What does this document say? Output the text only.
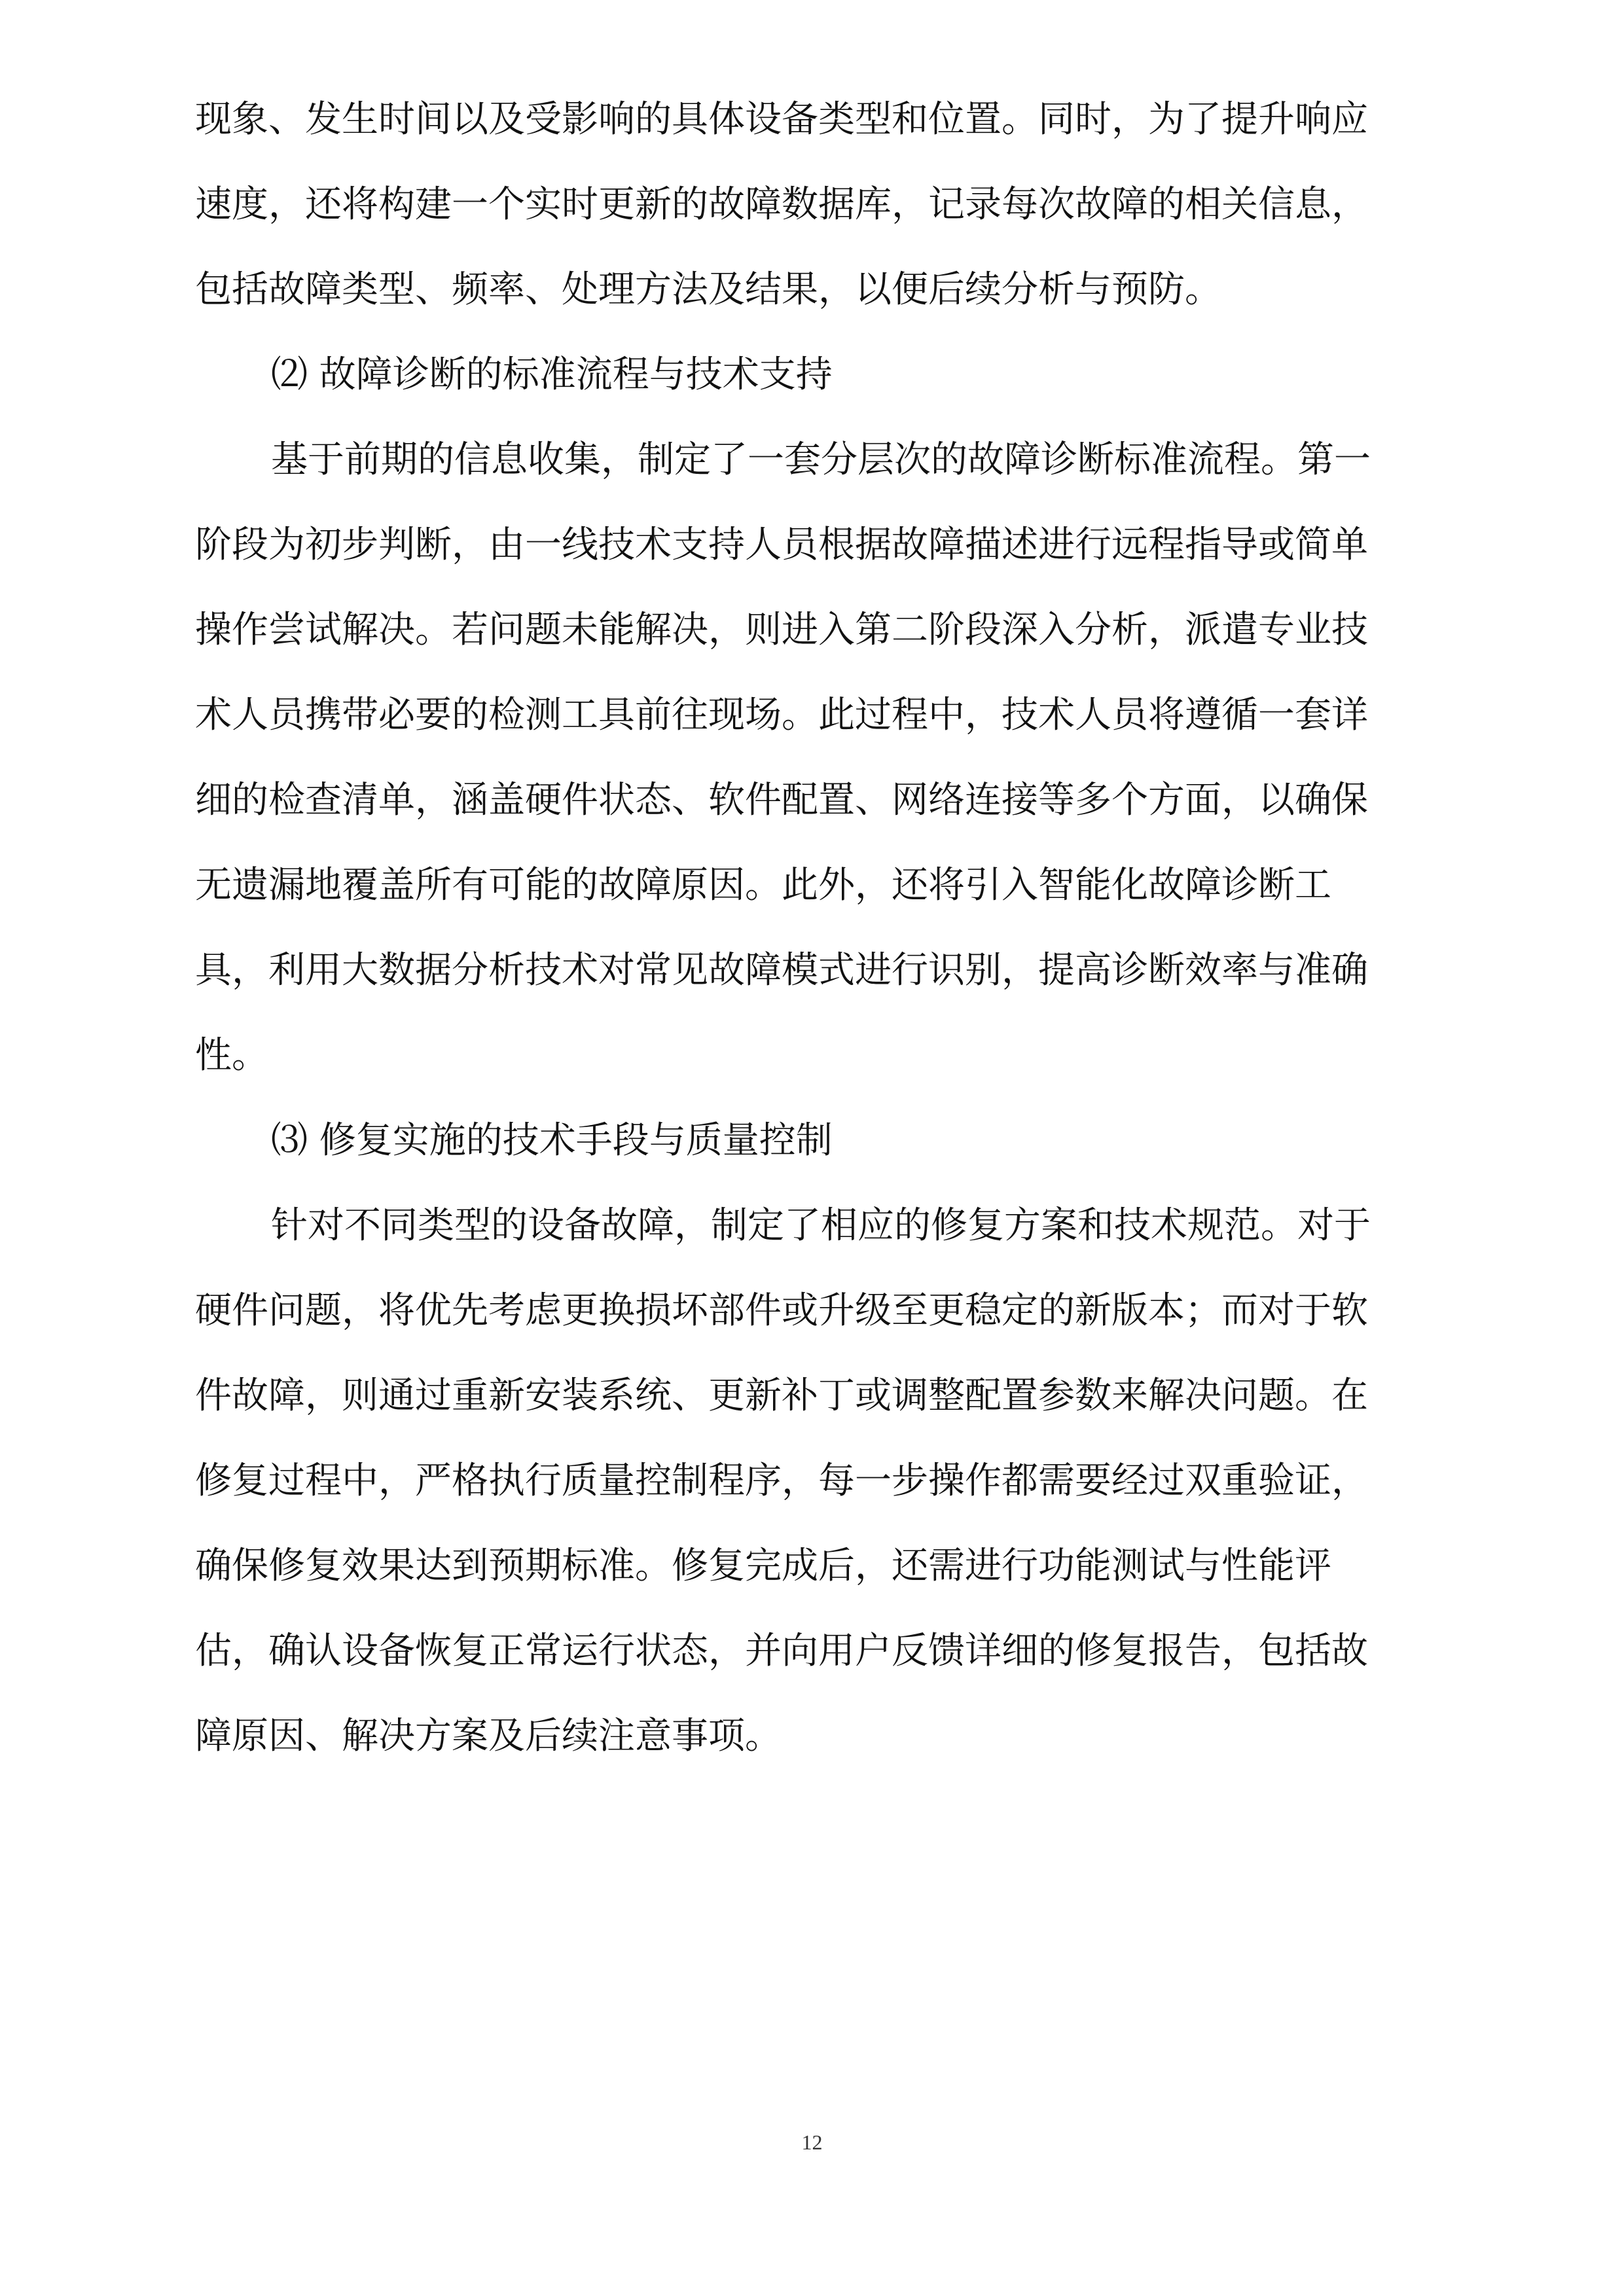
现象、发生时间以及受影响的具体设备类型和位置。同时，为了提升响应
速度，还将构建一个实时更新的故障数据库，记录每次故障的相关信息，
包括故障类型、频率、处理方法及结果，以便后续分析与预防。
⑵ 故障诊断的标准流程与技术支持
基于前期的信息收集，制定了一套分层次的故障诊断标准流程。第一
阶段为初步判断，由一线技术支持人员根据故障描述进行远程指导或简单
操作尝试解决。若问题未能解决，则进入第二阶段深入分析，派遣专业技
术人员携带必要的检测工具前往现场。此过程中，技术人员将遵循一套详
细的检查清单，涵盖硬件状态、软件配置、网络连接等多个方面，以确保
无遗漏地覆盖所有可能的故障原因。此外，还将引入智能化故障诊断工
具，利用大数据分析技术对常见故障模式进行识别，提高诊断效率与准确
性。
⑶ 修复实施的技术手段与质量控制
针对不同类型的设备故障，制定了相应的修复方案和技术规范。对于
硬件问题，将优先考虑更换损坏部件或升级至更稳定的新版本；而对于软
件故障，则通过重新安装系统、更新补丁或调整配置参数来解决问题。在
修复过程中，严格执行质量控制程序，每一步操作都需要经过双重验证，
确保修复效果达到预期标准。修复完成后，还需进行功能测试与性能评
估，确认设备恢复正常运行状态，并向用户反馈详细的修复报告，包括故
障原因、解决方案及后续注意事项。
12
